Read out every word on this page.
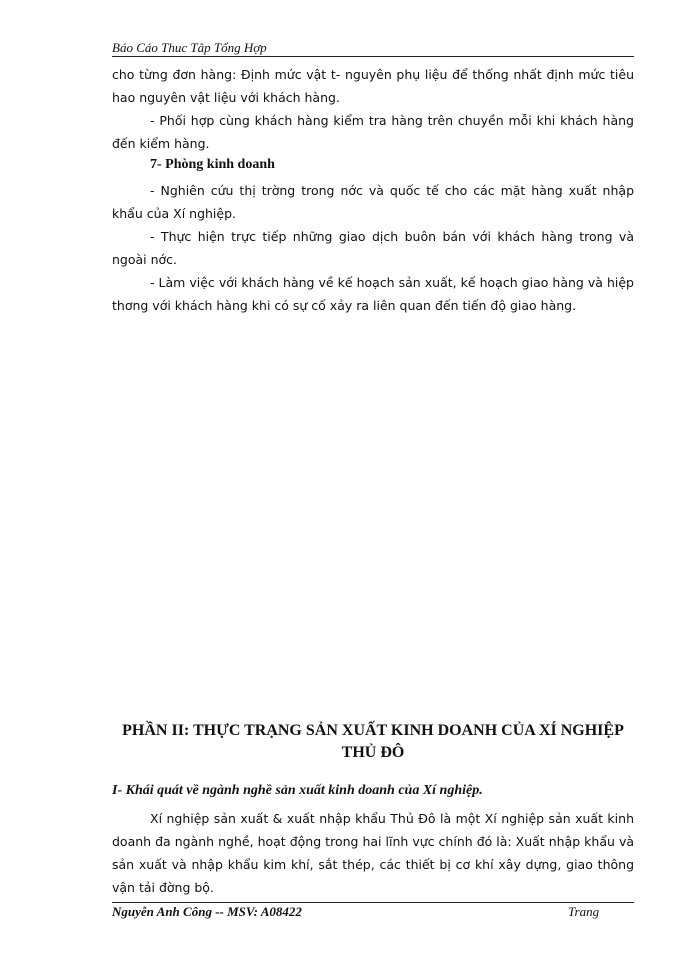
Báo Cáo Thuc Tâp Tổng Hợp
cho từng đơn hàng: Định mức vật t- nguyên phụ liệu để thống nhất định mức tiêu hao nguyên vật liệu với khách hàng.
- Phối hợp cùng khách hàng kiểm tra hàng trên chuyền mỗi khi khách hàng đến kiểm hàng.
7- Phòng kinh doanh
- Nghiên cứu thị trờng trong nớc và quốc tế cho các mặt hàng xuất nhập khẩu của Xí nghiệp.
- Thực hiện trực tiếp những giao dịch buôn bán với khách hàng trong và ngoài nớc.
- Làm việc với khách hàng về kế hoạch sản xuất, kế hoạch giao hàng và hiệp thơng với khách hàng khi có sự cố xảy ra liên quan đến tiến độ giao hàng.
PHẦN II: THỰC TRẠNG SẢN XUẤT KINH DOANH CỦA XÍ NGHIỆP
THỦ ĐÔ
I- Khái quát về ngành nghề sản xuất kinh doanh của Xí nghiệp.
Xí nghiệp sản xuất & xuất nhập khẩu Thủ Đô là một Xí nghiệp sản xuất kinh doanh đa ngành nghề, hoạt động trong hai lĩnh vực chính đó là: Xuất nhập khẩu và sản xuất và nhập khẩu kim khí, sắt thép, các thiết bị cơ khí xây dựng, giao thông vận tải đờng bộ.
Nguyễn Anh Công -- MSV: A08422	Trang
